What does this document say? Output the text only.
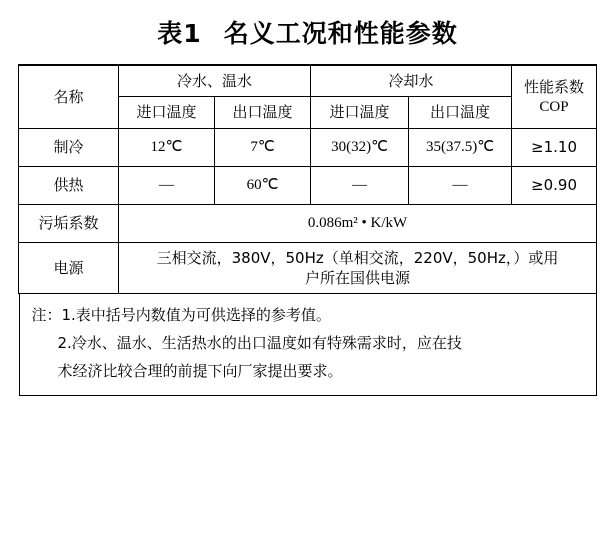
表1 名义工况和性能参数
名称	冷水、温水		冷却水		性能系数
COP

	进口温度	出口温度	进口温度	出口温度	
制冷	12℃	7℃	30(32)℃	35(37.5)℃	≥1.10
供热	—	60℃	—	—	≥0.90
污垢系数	0.086m² • K/kW				
电源	三相交流，380V，50Hz（单相交流，220V，50Hz，）或用
户所在国供电源				
注：1.表中括号内数值为可供选择的参考值。
2.冷水、温水、生活热水的出口温度如有特殊需求时，应在技
术经济比较合理的前提下向厂家提出要求。
